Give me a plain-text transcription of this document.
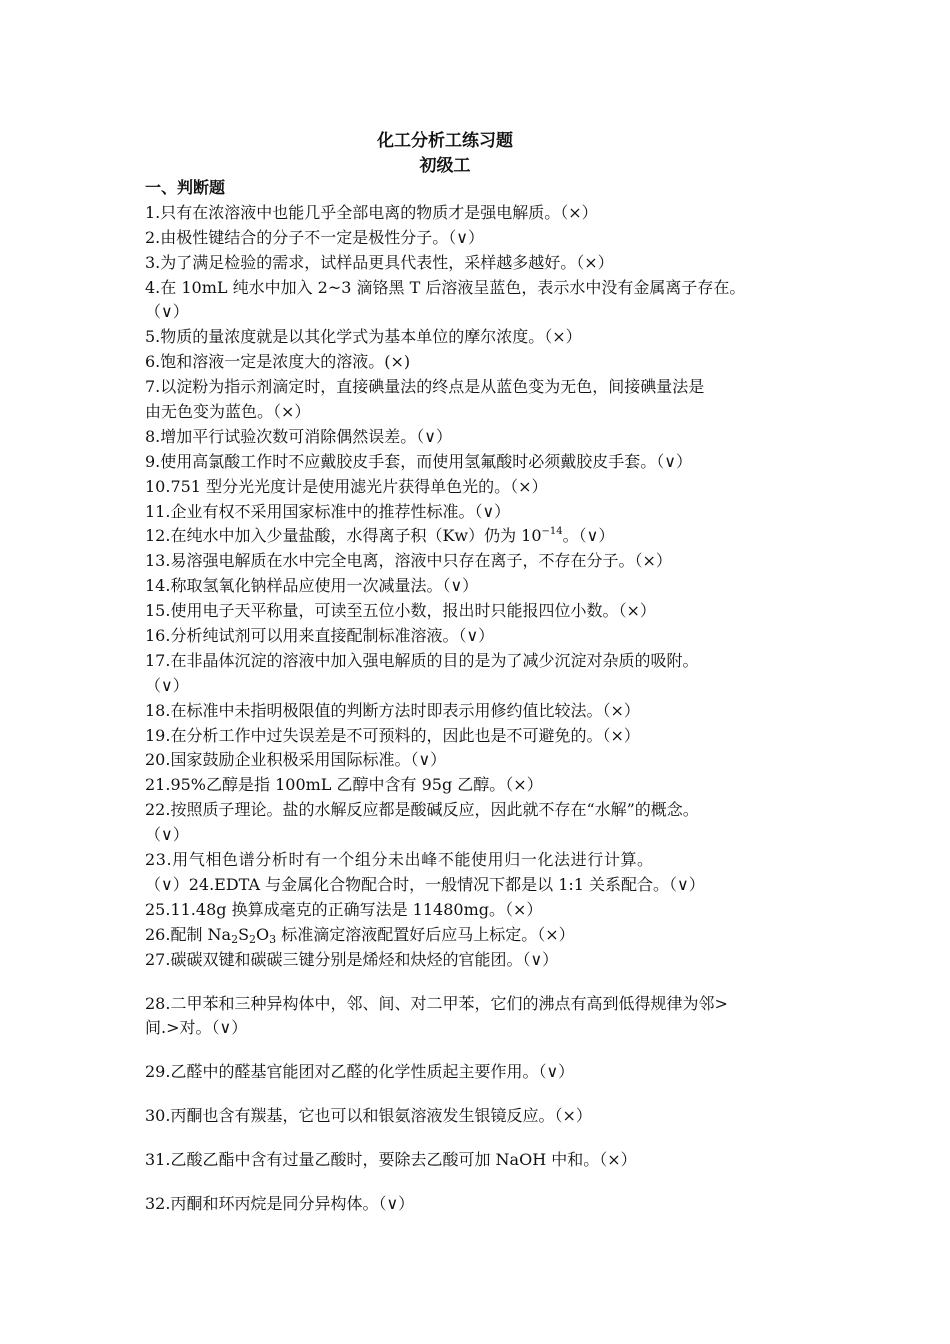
化工分析工练习题
初级工
一、判断题
1.只有在浓溶液中也能几乎全部电离的物质才是强电解质。（×）
2.由极性键结合的分子不一定是极性分子。（∨）
3.为了满足检验的需求，试样品更具代表性，采样越多越好。（×）
4.在 10mL 纯水中加入 2~3 滴铬黑 T 后溶液呈蓝色，表示水中没有金属离子存在。
（∨）
5.物质的量浓度就是以其化学式为基本单位的摩尔浓度。（×）
6.饱和溶液一定是浓度大的溶液。(×)
7.以淀粉为指示剂滴定时，直接碘量法的终点是从蓝色变为无色，间接碘量法是
由无色变为蓝色。（×）
8.增加平行试验次数可消除偶然误差。（∨）
9.使用高氯酸工作时不应戴胶皮手套，而使用氢氟酸时必须戴胶皮手套。（∨）
10.751 型分光光度计是使用滤光片获得单色光的。（×）
11.企业有权不采用国家标准中的推荐性标准。（∨）
12.在纯水中加入少量盐酸，水得离子积（Kw）仍为 $10^{-14}$。（∨）
13.易溶强电解质在水中完全电离，溶液中只存在离子，不存在分子。（×）
14.称取氢氧化钠样品应使用一次减量法。（∨）
15.使用电子天平称量，可读至五位小数，报出时只能报四位小数。（×）
16.分析纯试剂可以用来直接配制标准溶液。（∨）
17.在非晶体沉淀的溶液中加入强电解质的目的是为了减少沉淀对杂质的吸附。
（∨）
18.在标准中未指明极限值的判断方法时即表示用修约值比较法。（×）
19.在分析工作中过失误差是不可预料的，因此也是不可避免的。（×）
20.国家鼓励企业积极采用国际标准。（∨）
21.95%乙醇是指 100mL 乙醇中含有 95g 乙醇。（×）
22.按照质子理论。盐的水解反应都是酸碱反应，因此就不存在“水解”的概念。
（∨）
23.用气相色谱分析时有一个组分未出峰不能使用归一化法进行计算。
（∨）24.EDTA 与金属化合物配合时，一般情况下都是以 1:1 关系配合。（∨）
25.11.48g 换算成毫克的正确写法是 11480mg。（×）
26.配制 $Na_2S_2O_3$ 标准滴定溶液配置好后应马上标定。（×）
27.碳碳双键和碳碳三键分别是烯烃和炔烃的官能团。（∨）
28.二甲苯和三种异构体中，邻、间、对二甲苯，它们的沸点有高到低得规律为邻>
间.>对。（∨）
29.乙醛中的醛基官能团对乙醛的化学性质起主要作用。（∨）
30.丙酮也含有羰基，它也可以和银氨溶液发生银镜反应。（×）
31.乙酸乙酯中含有过量乙酸时，要除去乙酸可加 NaOH 中和。（×）
32.丙酮和环丙烷是同分异构体。（∨）
